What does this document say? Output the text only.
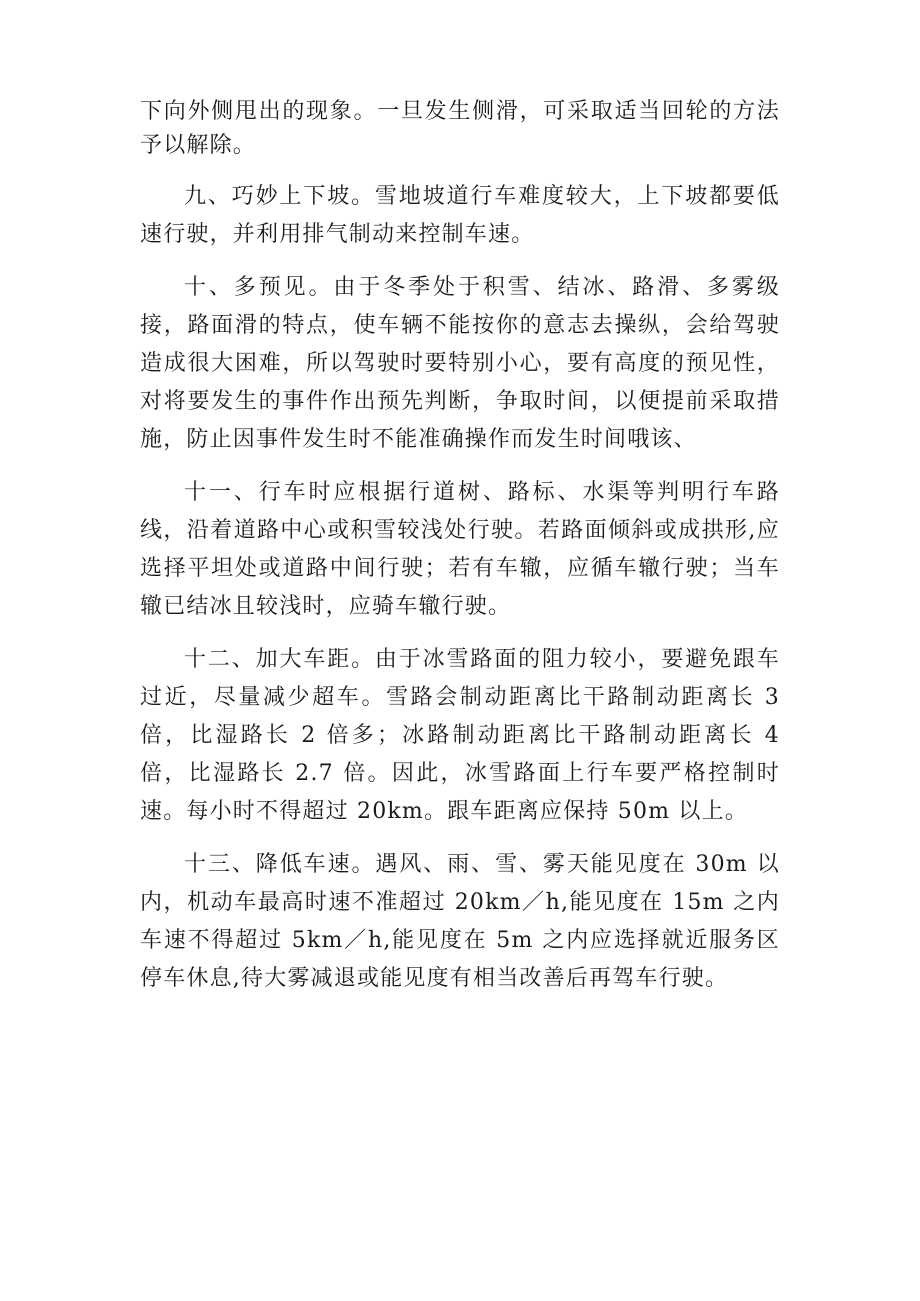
下向外侧甩出的现象。一旦发生侧滑，可采取适当回轮的方法予以解除。

九、巧妙上下坡。雪地坡道行车难度较大，上下坡都要低速行驶，并利用排气制动来控制车速。

十、多预见。由于冬季处于积雪、结冰、路滑、多雾级接，路面滑的特点，使车辆不能按你的意志去操纵，会给驾驶造成很大困难，所以驾驶时要特别小心，要有高度的预见性，对将要发生的事件作出预先判断，争取时间，以便提前采取措施，防止因事件发生时不能准确操作而发生时间哦该、

十一、行车时应根据行道树、路标、水渠等判明行车路线，沿着道路中心或积雪较浅处行驶。若路面倾斜或成拱形,应选择平坦处或道路中间行驶；若有车辙，应循车辙行驶；当车辙已结冰且较浅时，应骑车辙行驶。

十二、加大车距。由于冰雪路面的阻力较小，要避免跟车过近，尽量减少超车。雪路会制动距离比干路制动距离长 3 倍，比湿路长 2 倍多；冰路制动距离比干路制动距离长 4 倍，比湿路长 2.7 倍。因此，冰雪路面上行车要严格控制时速。每小时不得超过 20km。跟车距离应保持 50m 以上。

十三、降低车速。遇风、雨、雪、雾天能见度在 30m 以内，机动车最高时速不准超过 20km／h,能见度在 15m 之内车速不得超过 5km／h,能见度在 5m 之内应选择就近服务区停车休息,待大雾减退或能见度有相当改善后再驾车行驶。
